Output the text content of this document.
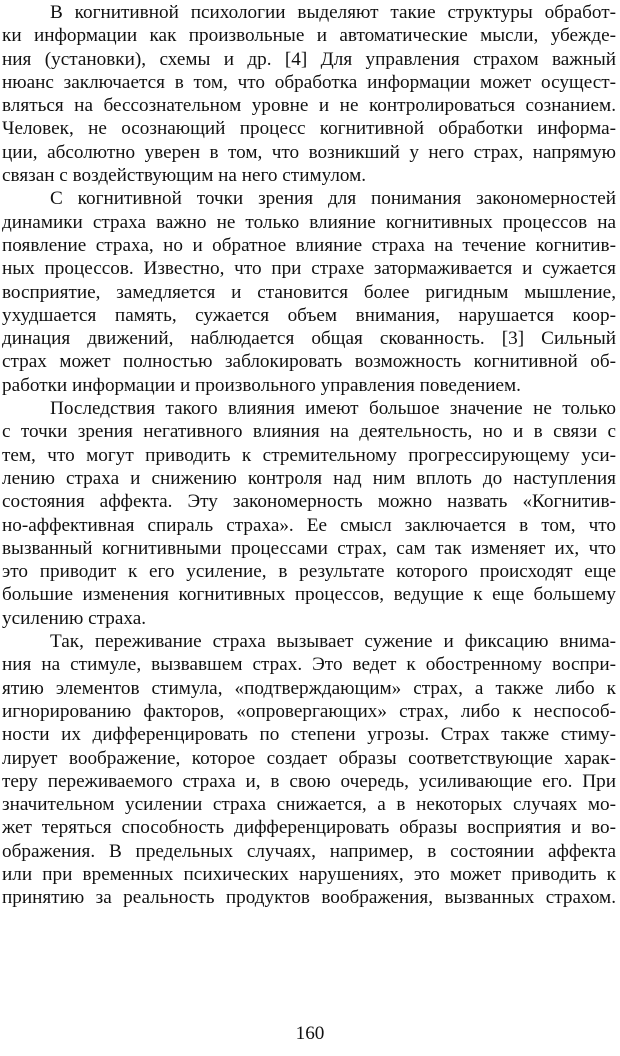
В когнитивной психологии выделяют такие структуры обработ-
ки информации как произвольные и автоматические мысли, убежде-
ния (установки), схемы и др. [4] Для управления страхом важный
нюанс заключается в том, что обработка информации может осущест-
вляться на бессознательном уровне и не контролироваться сознанием.
Человек, не осознающий процесс когнитивной обработки информа-
ции, абсолютно уверен в том, что возникший у него страх, напрямую
связан с воздействующим на него стимулом.
С когнитивной точки зрения для понимания закономерностей
динамики страха важно не только влияние когнитивных процессов на
появление страха, но и обратное влияние страха на течение когнитив-
ных процессов. Известно, что при страхе затормаживается и сужается
восприятие, замедляется и становится более ригидным мышление,
ухудшается память, сужается объем внимания, нарушается коор-
динация движений, наблюдается общая скованность. [3] Сильный
страх может полностью заблокировать возможность когнитивной об-
работки информации и произвольного управления поведением.
Последствия такого влияния имеют большое значение не только
с точки зрения негативного влияния на деятельность, но и в связи с
тем, что могут приводить к стремительному прогрессирующему уси-
лению страха и снижению контроля над ним вплоть до наступления
состояния аффекта. Эту закономерность можно назвать «Когнитив-
но-аффективная спираль страха». Ее смысл заключается в том, что
вызванный когнитивными процессами страх, сам так изменяет их, что
это приводит к его усиление, в результате которого происходят еще
большие изменения когнитивных процессов, ведущие к еще большему
усилению страха.
Так, переживание страха вызывает сужение и фиксацию внима-
ния на стимуле, вызвавшем страх. Это ведет к обостренному воспри-
ятию элементов стимула, «подтверждающим» страх, а также либо к
игнорированию факторов, «опровергающих» страх, либо к неспособ-
ности их дифференцировать по степени угрозы. Страх также стиму-
лирует воображение, которое создает образы соответствующие харак-
теру переживаемого страха и, в свою очередь, усиливающие его. При
значительном усилении страха снижается, а в некоторых случаях мо-
жет теряться способность дифференцировать образы восприятия и во-
ображения. В предельных случаях, например, в состоянии аффекта
или при временных психических нарушениях, это может приводить к
принятию за реальность продуктов воображения, вызванных страхом.
160
